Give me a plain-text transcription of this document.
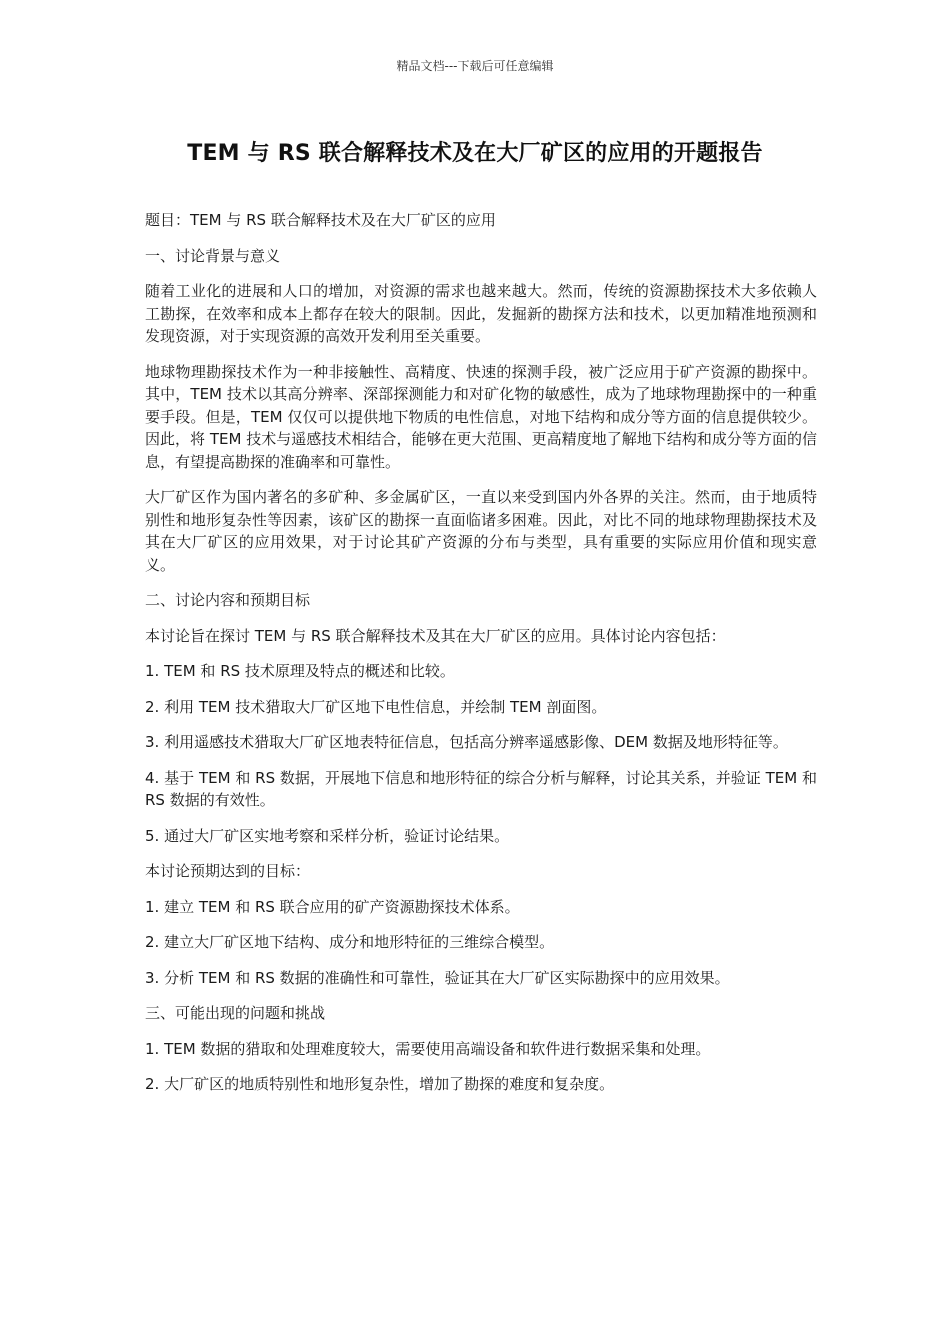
精品文档---下载后可任意编辑
TEM 与 RS 联合解释技术及在大厂矿区的应用的开题报告

题目：TEM 与 RS 联合解释技术及在大厂矿区的应用

一、讨论背景与意义

随着工业化的进展和人口的增加，对资源的需求也越来越大。然而，传统的资源勘探技术大多依赖人工勘探，在效率和成本上都存在较大的限制。因此，发掘新的勘探方法和技术，以更加精准地预测和发现资源，对于实现资源的高效开发利用至关重要。

地球物理勘探技术作为一种非接触性、高精度、快速的探测手段，被广泛应用于矿产资源的勘探中。其中，TEM 技术以其高分辨率、深部探测能力和对矿化物的敏感性，成为了地球物理勘探中的一种重要手段。但是，TEM 仅仅可以提供地下物质的电性信息，对地下结构和成分等方面的信息提供较少。因此，将 TEM 技术与遥感技术相结合，能够在更大范围、更高精度地了解地下结构和成分等方面的信息，有望提高勘探的准确率和可靠性。

大厂矿区作为国内著名的多矿种、多金属矿区，一直以来受到国内外各界的关注。然而，由于地质特别性和地形复杂性等因素，该矿区的勘探一直面临诸多困难。因此，对比不同的地球物理勘探技术及其在大厂矿区的应用效果，对于讨论其矿产资源的分布与类型，具有重要的实际应用价值和现实意义。

二、讨论内容和预期目标

本讨论旨在探讨 TEM 与 RS 联合解释技术及其在大厂矿区的应用。具体讨论内容包括：

1. TEM 和 RS 技术原理及特点的概述和比较。

2. 利用 TEM 技术猎取大厂矿区地下电性信息，并绘制 TEM 剖面图。

3. 利用遥感技术猎取大厂矿区地表特征信息，包括高分辨率遥感影像、DEM 数据及地形特征等。

4. 基于 TEM 和 RS 数据，开展地下信息和地形特征的综合分析与解释，讨论其关系，并验证 TEM 和 RS 数据的有效性。

5. 通过大厂矿区实地考察和采样分析，验证讨论结果。

本讨论预期达到的目标：

1. 建立 TEM 和 RS 联合应用的矿产资源勘探技术体系。

2. 建立大厂矿区地下结构、成分和地形特征的三维综合模型。

3. 分析 TEM 和 RS 数据的准确性和可靠性，验证其在大厂矿区实际勘探中的应用效果。

三、可能出现的问题和挑战

1. TEM 数据的猎取和处理难度较大，需要使用高端设备和软件进行数据采集和处理。

2. 大厂矿区的地质特别性和地形复杂性，增加了勘探的难度和复杂度。
